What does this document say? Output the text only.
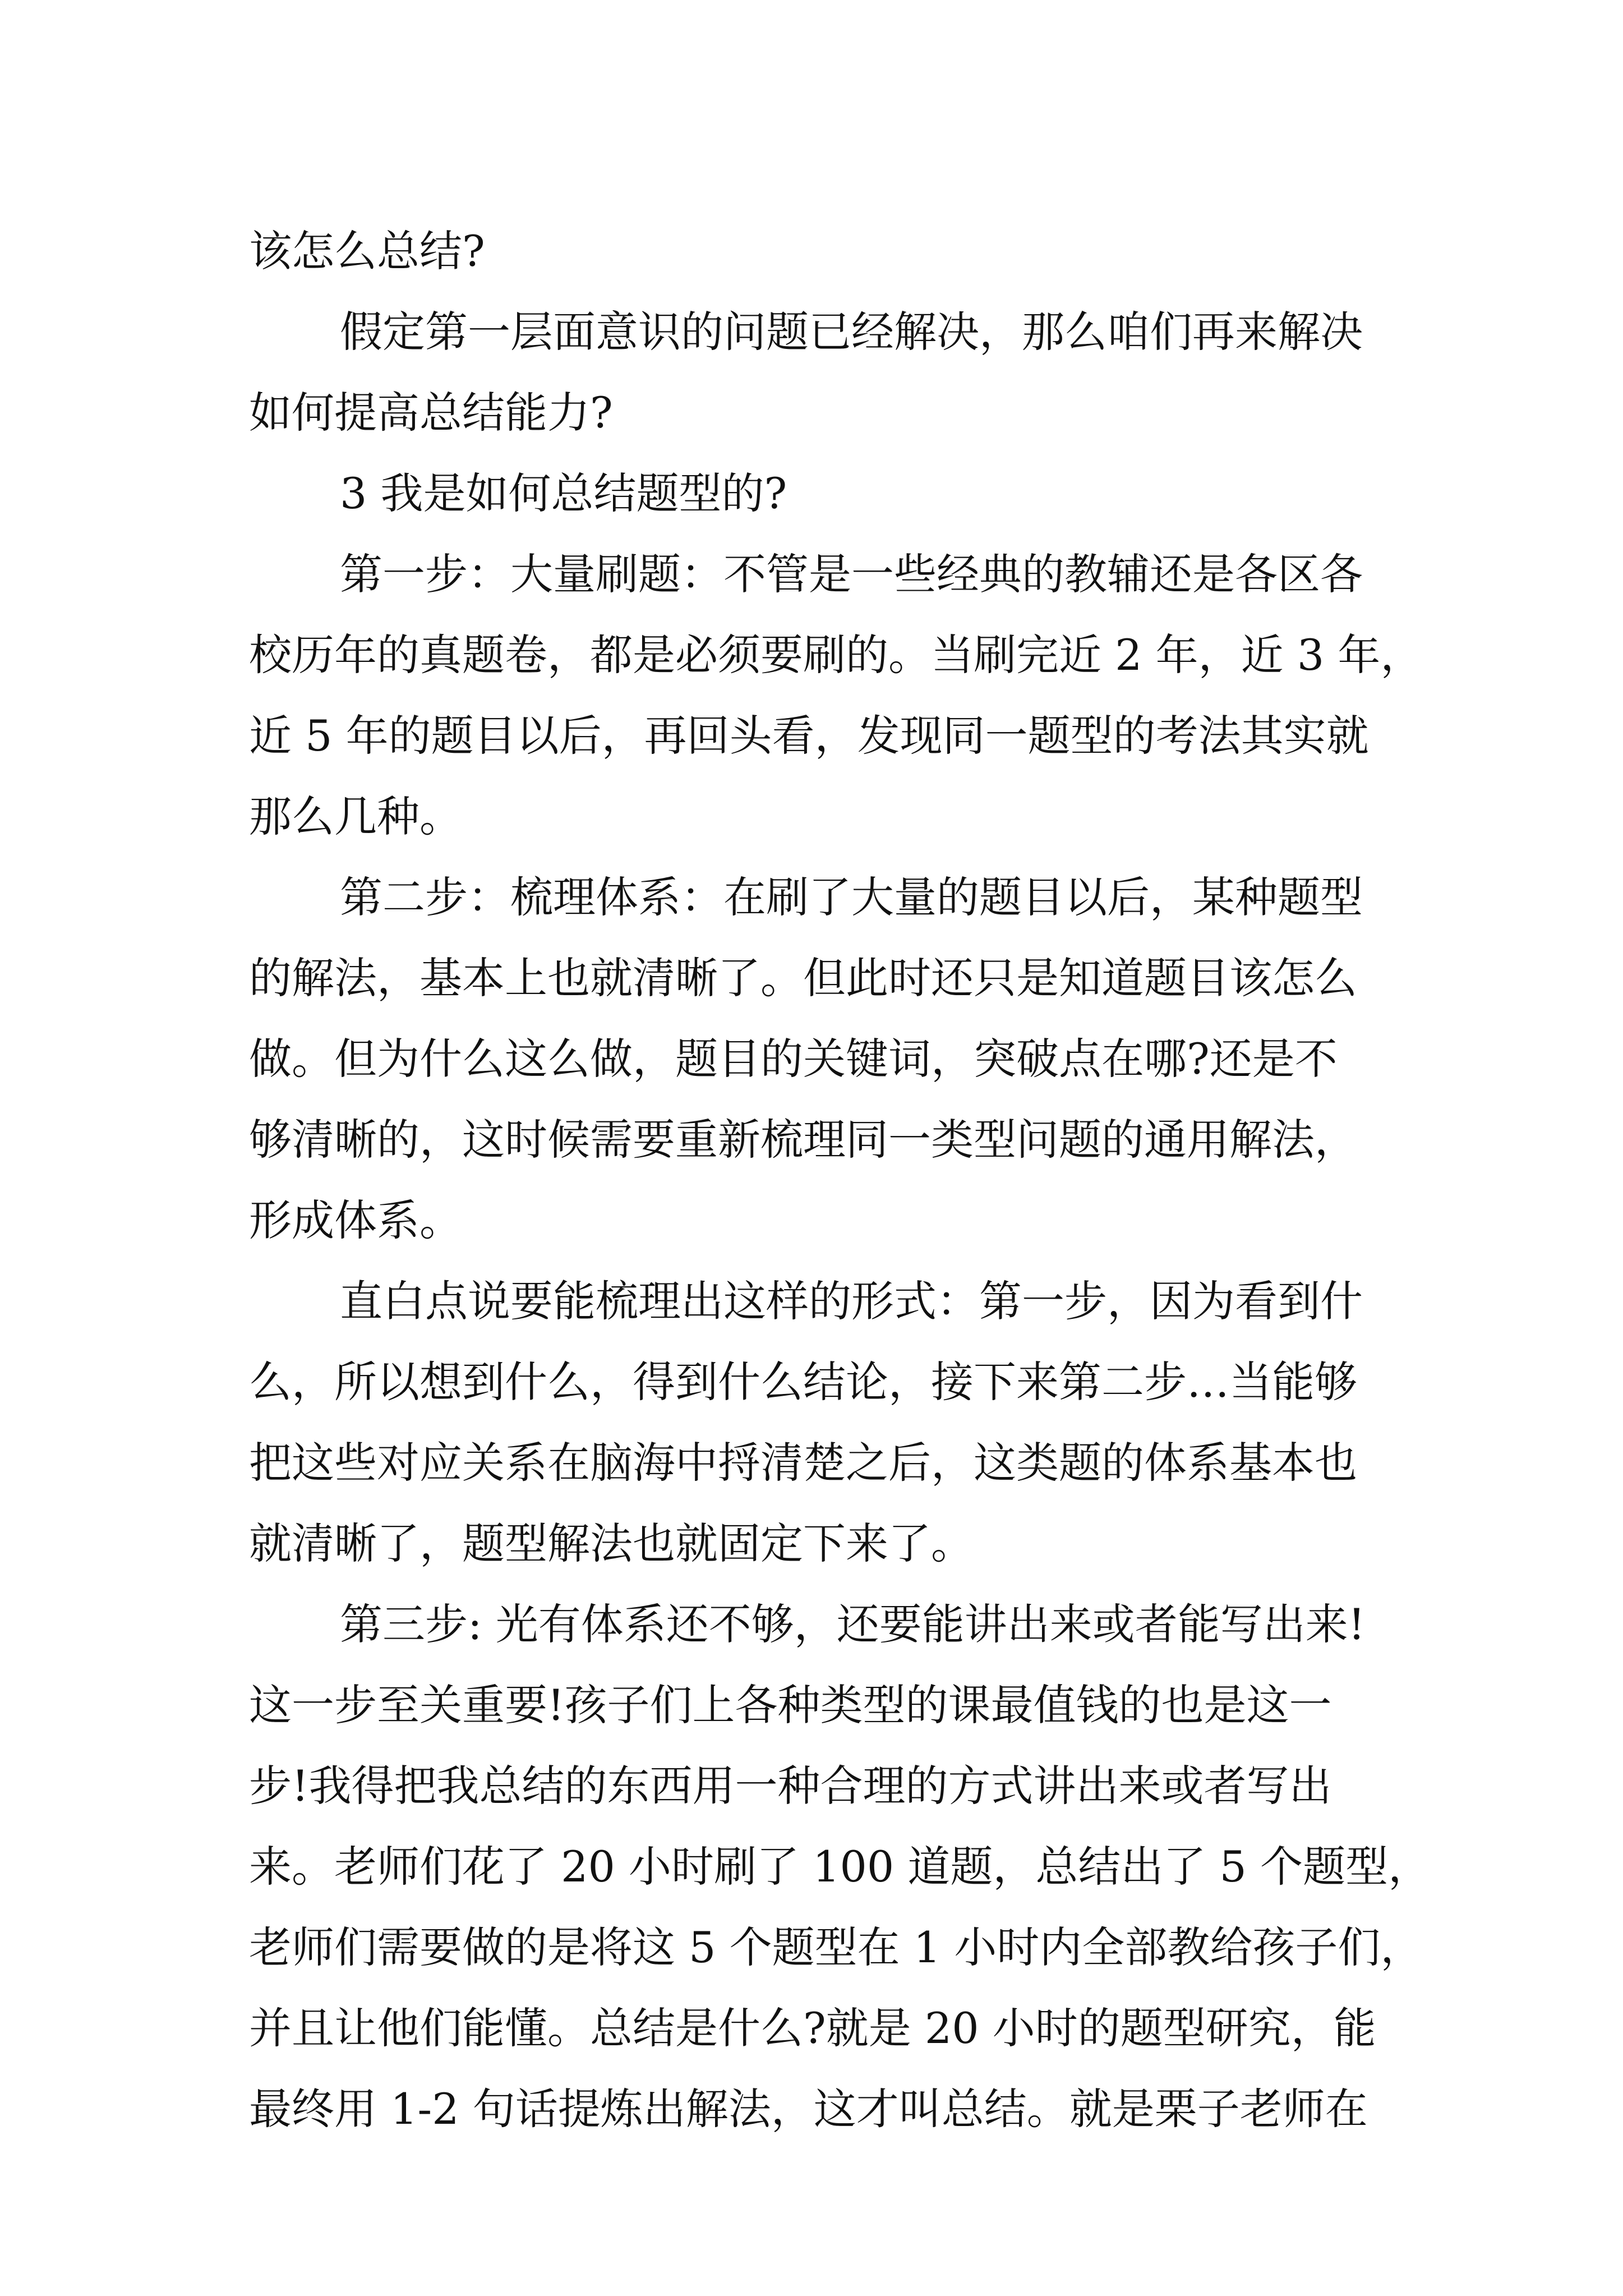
该怎么总结?
假定第一层面意识的问题已经解决，那么咱们再来解决
如何提高总结能力?
3 我是如何总结题型的?
第一步：大量刷题：不管是一些经典的教辅还是各区各
校历年的真题卷，都是必须要刷的。当刷完近 2 年，近 3 年，
近 5 年的题目以后，再回头看，发现同一题型的考法其实就
那么几种。
第二步：梳理体系：在刷了大量的题目以后，某种题型
的解法，基本上也就清晰了。但此时还只是知道题目该怎么
做。但为什么这么做，题目的关键词，突破点在哪?还是不
够清晰的，这时候需要重新梳理同一类型问题的通用解法，
形成体系。
直白点说要能梳理出这样的形式：第一步，因为看到什
么，所以想到什么，得到什么结论，接下来第二步…当能够
把这些对应关系在脑海中捋清楚之后，这类题的体系基本也
就清晰了，题型解法也就固定下来了。
第三步: 光有体系还不够，还要能讲出来或者能写出来!
这一步至关重要!孩子们上各种类型的课最值钱的也是这一
步!我得把我总结的东西用一种合理的方式讲出来或者写出
来。老师们花了 20 小时刷了 100 道题，总结出了 5 个题型，
老师们需要做的是将这 5 个题型在 1 小时内全部教给孩子们，
并且让他们能懂。总结是什么?就是 20 小时的题型研究，能
最终用 1-2 句话提炼出解法，这才叫总结。就是栗子老师在
